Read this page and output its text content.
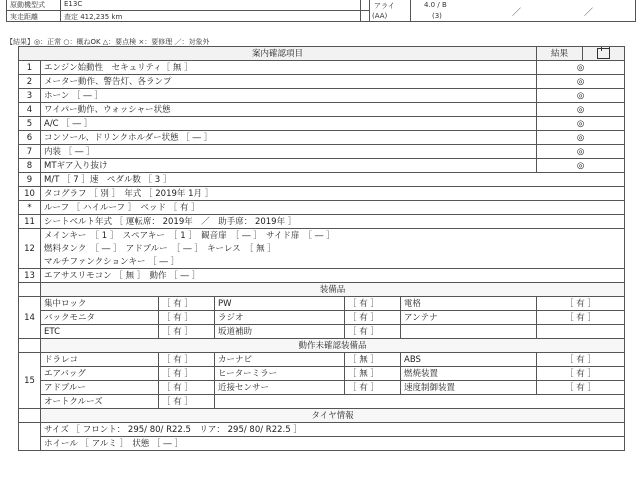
原動機型式	E13C
実走距離	查定 412,235 km
アライ
(AA)
4.0 / B
(3)	／	／
【結果】◎：正常 ○：概ねOK △：要点検 ×：要修理 ／：対象外
案内確認項目						結果	
1	エンジン始動性　セキュリティ［ 無 ］					◎	
2	メーター動作、警告灯、各ランプ					◎	
3	ホーン ［ ― ］					◎	
4	ワイパー動作、ウォッシャー状態					◎	
5	A/C ［ ― ］					◎	
6	コンソール、ドリンクホルダー状態 ［ ― ］					◎	
7	内装 ［ ― ］					◎	
8	MTギア入り抜け					◎	
9	M/T ［ 7 ］速　ペダル数 ［ 3 ］						
10	タコグラフ ［ 別 ］　年式 ［ 2019年 1月 ］						
*	ルーフ ［ ハイルーフ ］　ベッド ［ 有 ］						
11	シートベルト年式 ［ 運転席： 2019年　／　助手席： 2019年 ］						
12	メインキー　［ 1 ］　スペアキー　［ 1 ］　観音扉　［ ― ］　サイド扉　［ ― ］						
	燃料タンク　［ ― ］　アドブルー　［ ― ］　キーレス　［ 無 ］						
	マルチファンクションキー ［ ― ］						
13	エアサスリモコン ［ 無 ］　動作 ［ ― ］						
	装備品						
14	集中ロック	［ 有 ］	PW	［ 有 ］	電格	［ 有 ］	
	バックモニタ	［ 有 ］	ラジオ	［ 有 ］	アンテナ	［ 有 ］	
	ETC	［ 有 ］	坂道補助	［ 有 ］			
	動作未確認装備品						
15	ドラレコ	［ 有 ］	カーナビ	［ 無 ］	ABS	［ 有 ］	
	エアバッグ	［ 有 ］	ヒーターミラー	［ 無 ］	燃焼装置	［ 有 ］	
	アドブルー	［ 有 ］	近接センサー	［ 有 ］	速度制御装置	［ 有 ］	
	オートクルーズ	［ 有 ］					
	タイヤ情報						
	サイズ ［ フロント： 295/ 80/ R22.5　リア： 295/ 80/ R22.5 ］						
	ホイール ［ アルミ ］　状態 ［ ― ］						
